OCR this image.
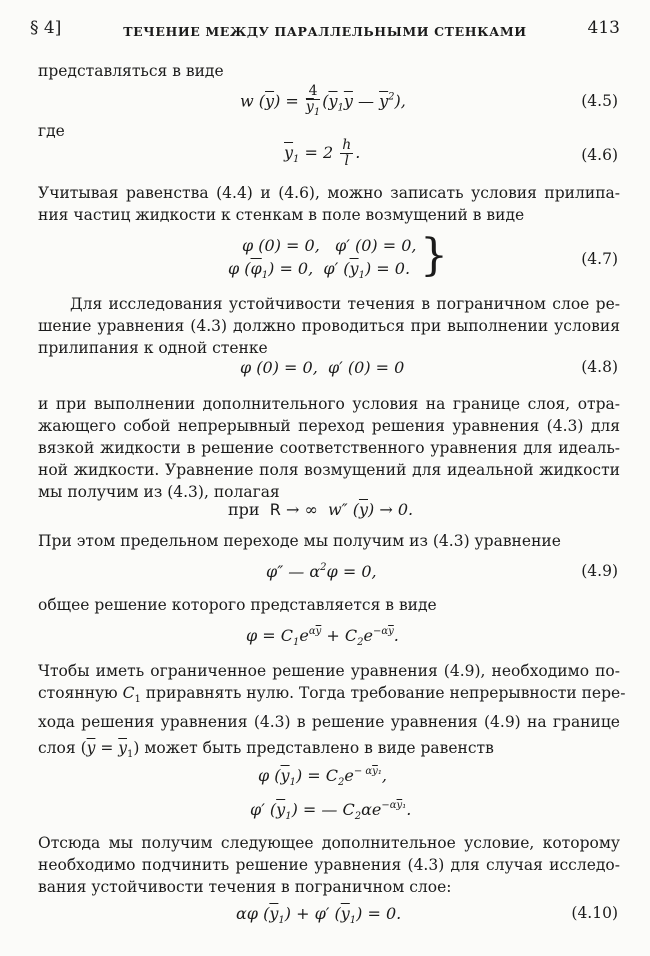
§ 4]	ТЕЧЕНИЕ МЕЖДУ ПАРАЛЛЕЛЬНЫМИ СТЕНКАМИ	413
представляться в виде
w $(\overline{y}) = \frac{4}{\overline{y}_1} (\overline{y}_1\overline{y}$ — $\overline{y}^2$),	(4.5)
где
$\overline{y}_1 = 2 \frac{h}{l}$ .	(4.6)
Учитывая равенства (4.4) и (4.6), можно записать условия прилипа-
ния частиц жидкости к стенкам в поле возмущений в виде
φ (0) = 0,   φ′ (0) = 0,
φ $(\overline{\varphi}_1) = 0$,  φ′ $(\overline{y}_1) = 0$. }	(4.7)
Для исследования устойчивости течения в пограничном слое ре-
шение уравнения (4.3) должно проводиться при выполнении условия
прилипания к одной стенке
φ (0) = 0,  φ′ (0) = 0	(4.8)
и при выполнении дополнительного условия на границе слоя, отра-
жающего собой непрерывный переход решения уравнения (4.3) для
вязкой жидкости в решение соответственного уравнения для идеаль-
ной жидкости. Уравнение поля возмущений для идеальной жидкости
мы получим из (4.3), полагая
при R → ∞  w″ $(\overline{y}) \to 0$.
При этом предельном переходе мы получим из (4.3) уравнение
φ″ — $\alpha^2\varphi = 0$,	(4.9)
общее решение которого представляется в виде
$\varphi = C_1e^{\alpha\overline{y}} + C_2e^{-\alpha\overline{y}}$.
Чтобы иметь ограниченное решение уравнения (4.9), необходимо по-
стоянную $C_1$ приравнять нулю. Тогда требование непрерывности пере-
хода решения уравнения (4.3) в решение уравнения (4.9) на границе
слоя $(\overline{y} = \overline{y}_1)$ может быть представлено в виде равенств
φ $(\overline{y}_1) = C_2e^{- \alpha\overline{y}_1}$,
φ′ $(\overline{y}_1)$ = — $C_2\alpha e^{-\alpha\overline{y}_1}$.
Отсюда мы получим следующее дополнительное условие, которому
необходимо подчинить решение уравнения (4.3) для случая исследо-
вания устойчивости течения в пограничном слое:
αφ $(\overline{y}_1) + \varphi'$ $(\overline{y}_1) = 0$.	(4.10)
